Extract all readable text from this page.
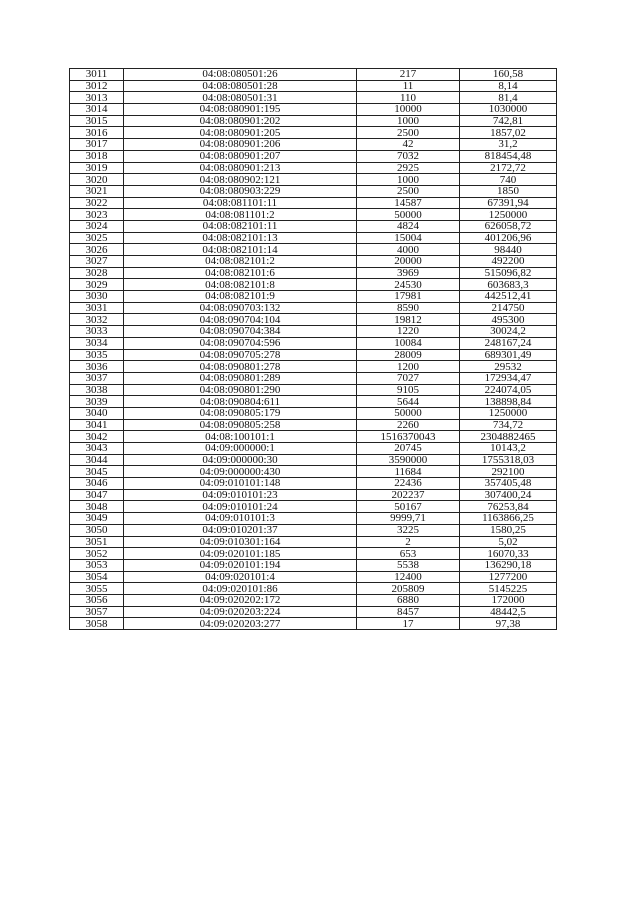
3011	04:08:080501:26	217	160,58
3012	04:08:080501:28	11	8,14
3013	04:08:080501:31	110	81,4
3014	04:08:080901:195	10000	1030000
3015	04:08:080901:202	1000	742,81
3016	04:08:080901:205	2500	1857,02
3017	04:08:080901:206	42	31,2
3018	04:08:080901:207	7032	818454,48
3019	04:08:080901:213	2925	2172,72
3020	04:08:080902:121	1000	740
3021	04:08:080903:229	2500	1850
3022	04:08:081101:11	14587	67391,94
3023	04:08:081101:2	50000	1250000
3024	04:08:082101:11	4824	626058,72
3025	04:08:082101:13	15004	401206,96
3026	04:08:082101:14	4000	98440
3027	04:08:082101:2	20000	492200
3028	04:08:082101:6	3969	515096,82
3029	04:08:082101:8	24530	603683,3
3030	04:08:082101:9	17981	442512,41
3031	04:08:090703:132	8590	214750
3032	04:08:090704:104	19812	495300
3033	04:08:090704:384	1220	30024,2
3034	04:08:090704:596	10084	248167,24
3035	04:08:090705:278	28009	689301,49
3036	04:08:090801:278	1200	29532
3037	04:08:090801:289	7027	172934,47
3038	04:08:090801:290	9105	224074,05
3039	04:08:090804:611	5644	138898,84
3040	04:08:090805:179	50000	1250000
3041	04:08:090805:258	2260	734,72
3042	04:08:100101:1	1516370043	2304882465
3043	04:09:000000:1	20745	10143,2
3044	04:09:000000:30	3590000	1755318,03
3045	04:09:000000:430	11684	292100
3046	04:09:010101:148	22436	357405,48
3047	04:09:010101:23	202237	307400,24
3048	04:09:010101:24	50167	76253,84
3049	04:09:010101:3	9999,71	1163866,25
3050	04:09:010201:37	3225	1580,25
3051	04:09:010301:164	2	5,02
3052	04:09:020101:185	653	16070,33
3053	04:09:020101:194	5538	136290,18
3054	04:09:020101:4	12400	1277200
3055	04:09:020101:86	205809	5145225
3056	04:09:020202:172	6880	172000
3057	04:09:020203:224	8457	48442,5
3058	04:09:020203:277	17	97,38
